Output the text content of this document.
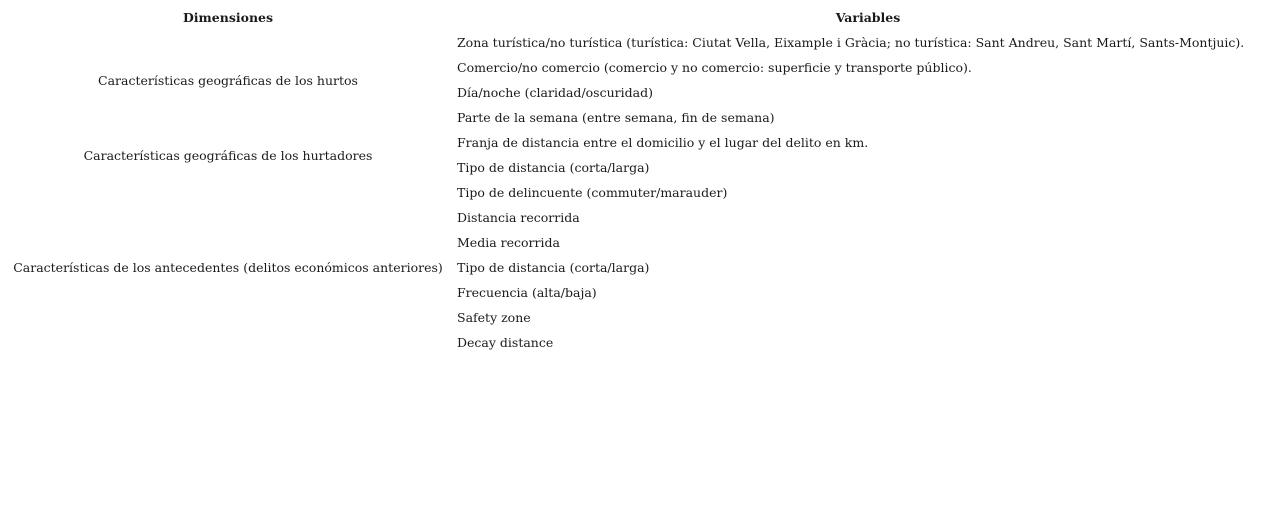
Dimensiones	Variables
Características geográficas de los hurtos
Características geográficas de los hurtadores
Características de los antecedentes (delitos económicos anteriores)
Zona turística/no turística (turística: Ciutat Vella, Eixample i Gràcia; no turística: Sant Andreu, Sant Martí, Sants-Montjuic).
Comercio/no comercio (comercio y no comercio: superficie y transporte público).
Día/noche (claridad/oscuridad)
Parte de la semana (entre semana, fin de semana)
Franja de distancia entre el domicilio y el lugar del delito en km.
Tipo de distancia (corta/larga)
Tipo de delincuente (commuter/marauder)
Distancia recorrida
Media recorrida
Tipo de distancia (corta/larga)
Frecuencia (alta/baja)
Safety zone
Decay distance
